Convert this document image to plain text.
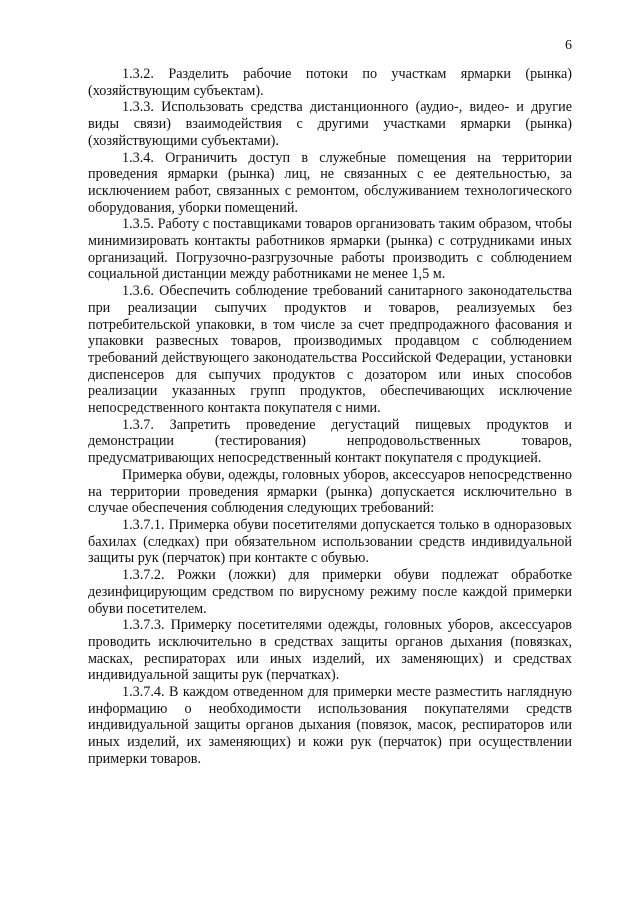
6

1.3.2. Разделить рабочие потоки по участкам ярмарки (рынка) (хозяйствующим субъектам).

1.3.3. Использовать средства дистанционного (аудио-, видео- и другие виды связи) взаимодействия с другими участками ярмарки (рынка) (хозяйствующими субъектами).

1.3.4. Ограничить доступ в служебные помещения на территории проведения ярмарки (рынка) лиц, не связанных с ее деятельностью, за исключением работ, связанных с ремонтом, обслуживанием технологического оборудования, уборки помещений.

1.3.5. Работу с поставщиками товаров организовать таким образом, чтобы минимизировать контакты работников ярмарки (рынка) с сотрудниками иных организаций. Погрузочно-разгрузочные работы производить с соблюдением социальной дистанции между работниками не менее 1,5 м.

1.3.6. Обеспечить соблюдение требований санитарного законодательства при реализации сыпучих продуктов и товаров, реализуемых без потребительской упаковки, в том числе за счет предпродажного фасования и упаковки развесных товаров, производимых продавцом с соблюдением требований действующего законодательства Российской Федерации, установки диспенсеров для сыпучих продуктов с дозатором или иных способов реализации указанных групп продуктов, обеспечивающих исключение непосредственного контакта покупателя с ними.

1.3.7. Запретить проведение дегустаций пищевых продуктов и демонстрации (тестирования) непродовольственных товаров, предусматривающих непосредственный контакт покупателя с продукцией.

Примерка обуви, одежды, головных уборов, аксессуаров непосредственно на территории проведения ярмарки (рынка) допускается исключительно в случае обеспечения соблюдения следующих требований:

1.3.7.1. Примерка обуви посетителями допускается только в одноразовых бахилах (следках) при обязательном использовании средств индивидуальной защиты рук (перчаток) при контакте с обувью.

1.3.7.2. Рожки (ложки) для примерки обуви подлежат обработке дезинфицирующим средством по вирусному режиму после каждой примерки обуви посетителем.

1.3.7.3. Примерку посетителями одежды, головных уборов, аксессуаров проводить исключительно в средствах защиты органов дыхания (повязках, масках, респираторах или иных изделий, их заменяющих) и средствах индивидуальной защиты рук (перчатках).

1.3.7.4. В каждом отведенном для примерки месте разместить наглядную информацию о необходимости использования покупателями средств индивидуальной защиты органов дыхания (повязок, масок, респираторов или иных изделий, их заменяющих) и кожи рук (перчаток) при осуществлении примерки товаров.
